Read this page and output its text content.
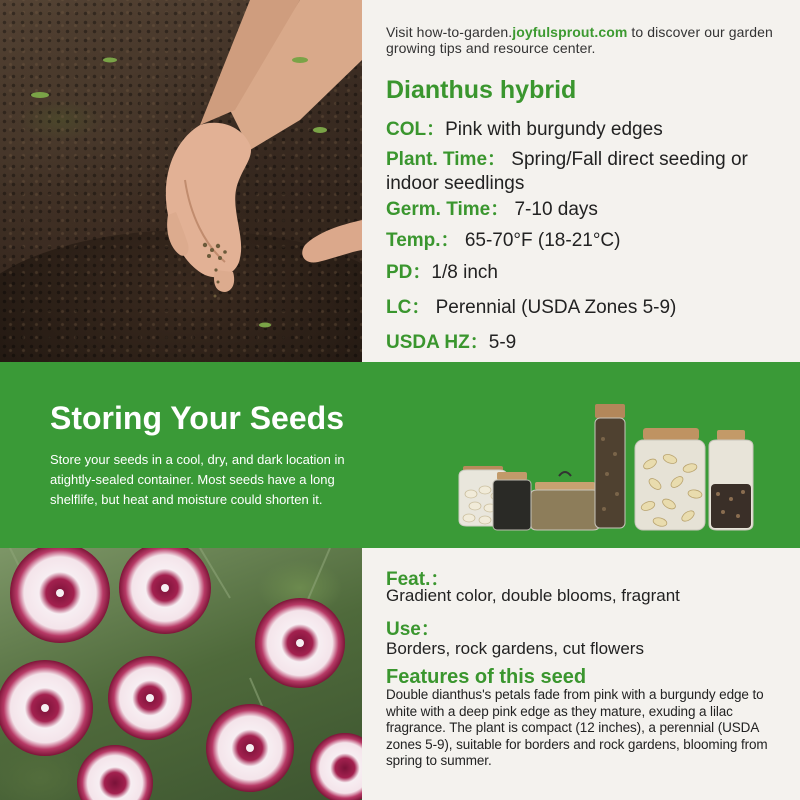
Visit how-to-garden.joyfulsprout.com to discover our garden growing tips and resource center.

Dianthus hybrid
COL：Pink with burgundy edges
Plant. Time： Spring/Fall direct seeding or indoor seedlings
Germ. Time： 7-10 days
Temp.： 65-70°F (18-21°C)
PD：1/8 inch
LC： Perennial (USDA Zones 5-9)
USDA HZ：5-9
Storing Your Seeds

Store your seeds in a cool, dry, and dark location in atightly-sealed container. Most seeds have a long shelflife, but heat and moisture could shorten it.

Feat.：
Gradient color, double blooms, fragrant
Use：
Borders, rock gardens, cut flowers
Features of this seed

Double dianthus's petals fade from pink with a burgundy edge to white with a deep pink edge as they mature, exuding a lilac fragrance. The plant is compact (12 inches), a perennial (USDA zones 5-9), suitable for borders and rock gardens, blooming from spring to summer.
